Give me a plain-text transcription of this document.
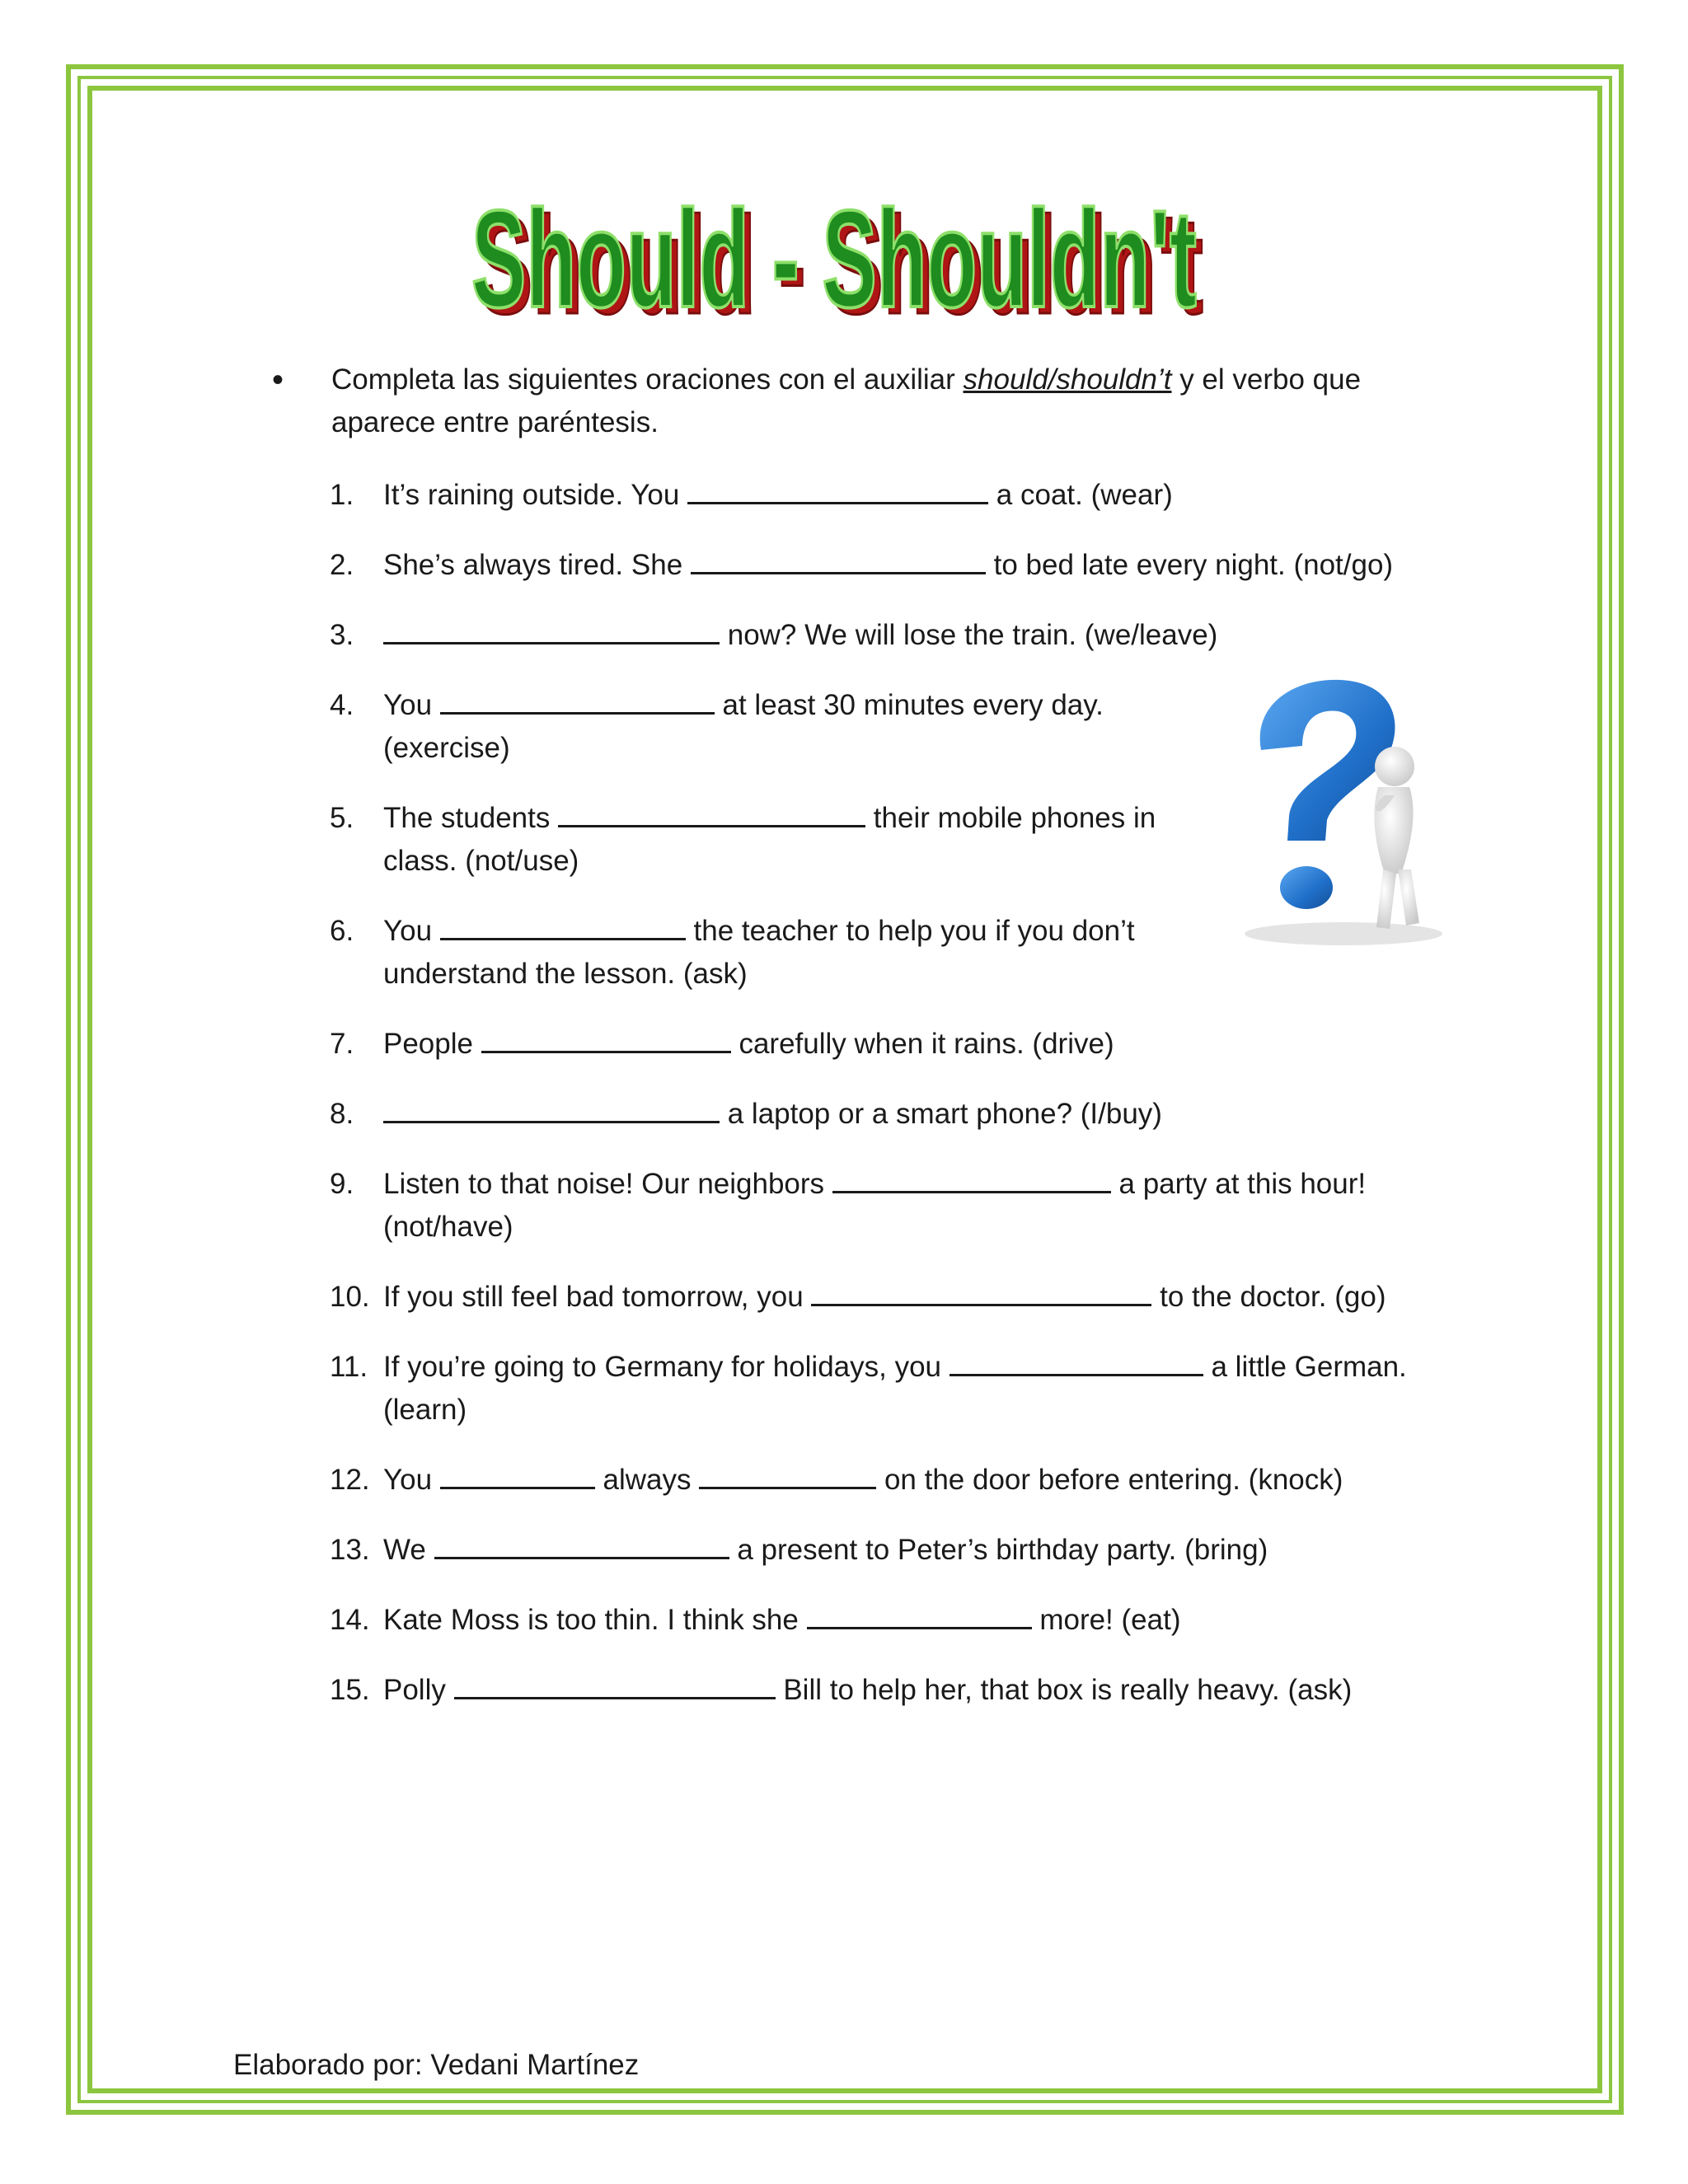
Should - Shouldn't
Should - Shouldn't
• Completa las siguientes oraciones con el auxiliar should/shouldn’t y el verbo que aparece entre paréntesis.
1. It’s raining outside. You	a coat. (wear)
2. She’s always tired. She	to bed late every night. (not/go)
3.	now? We will lose the train. (we/leave)
4. You	at least 30 minutes every day. (exercise)
5. The students	their mobile phones in class. (not/use)
6. You	the teacher to help you if you don’t understand the lesson. (ask)
7. People	carefully when it rains. (drive)
8.	a laptop or a smart phone? (I/buy)
9. Listen to that noise! Our neighbors	a party at this hour! (not/have)
10. If you still feel bad tomorrow, you	to the doctor. (go)
11. If you’re going to Germany for holidays, you	a little German. (learn)
12. You	always	on the door before entering. (knock)
13. We	a present to Peter’s birthday party. (bring)
14. Kate Moss is too thin. I think she	more! (eat)
15. Polly	Bill to help her, that box is really heavy. (ask)
Elaborado por: Vedani Martínez
